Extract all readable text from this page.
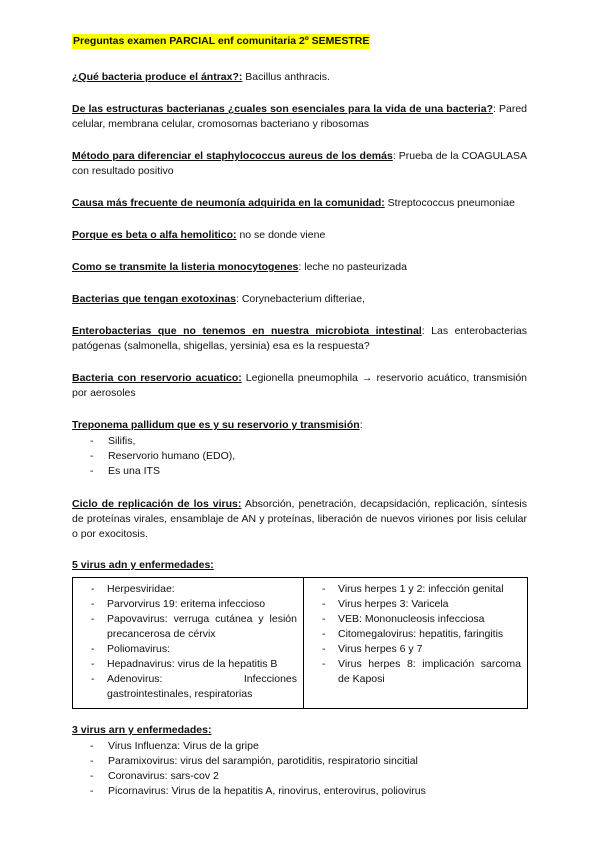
Preguntas examen PARCIAL enf comunitaria 2º SEMESTRE
¿Qué bacteria produce el ántrax?: Bacillus anthracis.
De las estructuras bacterianas ¿cuales son esenciales para la vida de una bacteria?: Pared celular, membrana celular, cromosomas bacteriano y ribosomas
Método para diferenciar el staphylococcus aureus de los demás: Prueba de la COAGULASA con resultado positivo
Causa más frecuente de neumonía adquirida en la comunidad: Streptococcus pneumoniae
Porque es beta o alfa hemolitico: no se donde viene
Como se transmite la listeria monocytogenes: leche no pasteurizada
Bacterias que tengan exotoxinas: Corynebacterium difteriae,
Enterobacterias que no tenemos en nuestra microbiota intestinal: Las enterobacterias patógenas (salmonella, shigellas, yersinia) esa es la respuesta?
Bacteria con reservorio acuatico: Legionella pneumophila → reservorio acuático, transmisión por aerosoles
Treponema pallidum que es y su reservorio y transmisión:
- Silifis,
- Reservorio humano (EDO),
- Es una ITS
Ciclo de replicación de los virus: Absorción, penetración, decapsidación, replicación, síntesis de proteínas virales, ensamblaje de AN y proteínas, liberación de nuevos viriones por lisis celular o por exocitosis.
5 virus adn y enfermedades:
- Herpesviridae:
- Parvorvirus 19: eritema infeccioso
- Papovavirus: verruga cutánea y lesión precancerosa de cérvix
- Poliomavirus:
- Hepadnavirus: virus de la hepatitis B
- Adenovirus: Infecciones gastrointestinales, respiratorias

- Virus herpes 1 y 2: infección genital
- Virus herpes 3: Varicela
- VEB: Mononucleosis infecciosa
- Citomegalovirus: hepatitis, faringitis
- Virus herpes 6 y 7
- Virus herpes 8: implicación sarcoma de Kaposi
3 virus arn y enfermedades:
- Virus Influenza: Virus de la gripe
- Paramixovirus: virus del sarampión, parotiditis, respiratorio sincitial
- Coronavirus: sars-cov 2
- Picornavirus: Virus de la hepatitis A, rinovirus, enterovirus, poliovirus
